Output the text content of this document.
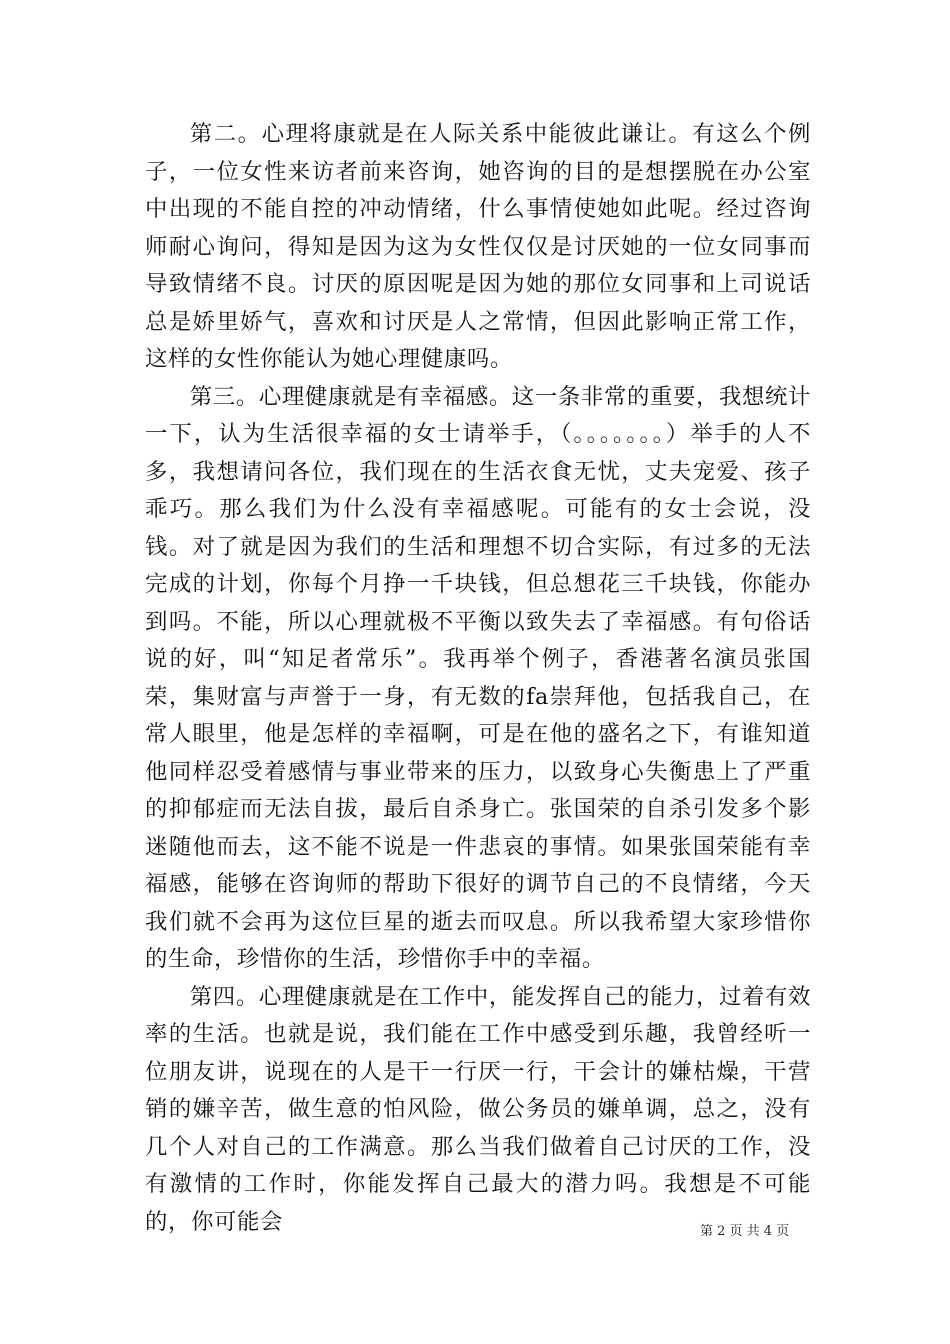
第二。心理将康就是在人际关系中能彼此谦让。有这么个例子，一位女性来访者前来咨询，她咨询的目的是想摆脱在办公室中出现的不能自控的冲动情绪，什么事情使她如此呢。经过咨询师耐心询问，得知是因为这为女性仅仅是讨厌她的一位女同事而导致情绪不良。讨厌的原因呢是因为她的那位女同事和上司说话总是娇里娇气，喜欢和讨厌是人之常情，但因此影响正常工作，这样的女性你能认为她心理健康吗。

第三。心理健康就是有幸福感。这一条非常的重要，我想统计一下，认为生活很幸福的女士请举手，（。。。。。。。）举手的人不多，我想请问各位，我们现在的生活衣食无忧，丈夫宠爱、孩子乖巧。那么我们为什么没有幸福感呢。可能有的女士会说，没钱。对了就是因为我们的生活和理想不切合实际，有过多的无法完成的计划，你每个月挣一千块钱，但总想花三千块钱，你能办到吗。不能，所以心理就极不平衡以致失去了幸福感。有句俗话说的好，叫“知足者常乐”。我再举个例子，香港著名演员张国荣，集财富与声誉于一身，有无数的fa崇拜他，包括我自己，在常人眼里，他是怎样的幸福啊，可是在他的盛名之下，有谁知道他同样忍受着感情与事业带来的压力，以致身心失衡患上了严重的抑郁症而无法自拔，最后自杀身亡。张国荣的自杀引发多个影迷随他而去，这不能不说是一件悲哀的事情。如果张国荣能有幸福感，能够在咨询师的帮助下很好的调节自己的不良情绪，今天我们就不会再为这位巨星的逝去而叹息。所以我希望大家珍惜你的生命，珍惜你的生活，珍惜你手中的幸福。

第四。心理健康就是在工作中，能发挥自己的能力，过着有效率的生活。也就是说，我们能在工作中感受到乐趣，我曾经听一位朋友讲，说现在的人是干一行厌一行，干会计的嫌枯燥，干营销的嫌辛苦，做生意的怕风险，做公务员的嫌单调，总之，没有几个人对自己的工作满意。那么当我们做着自己讨厌的工作，没有激情的工作时，你能发挥自己最大的潜力吗。我想是不可能的，你可能会	第 2 页 共 4 页
